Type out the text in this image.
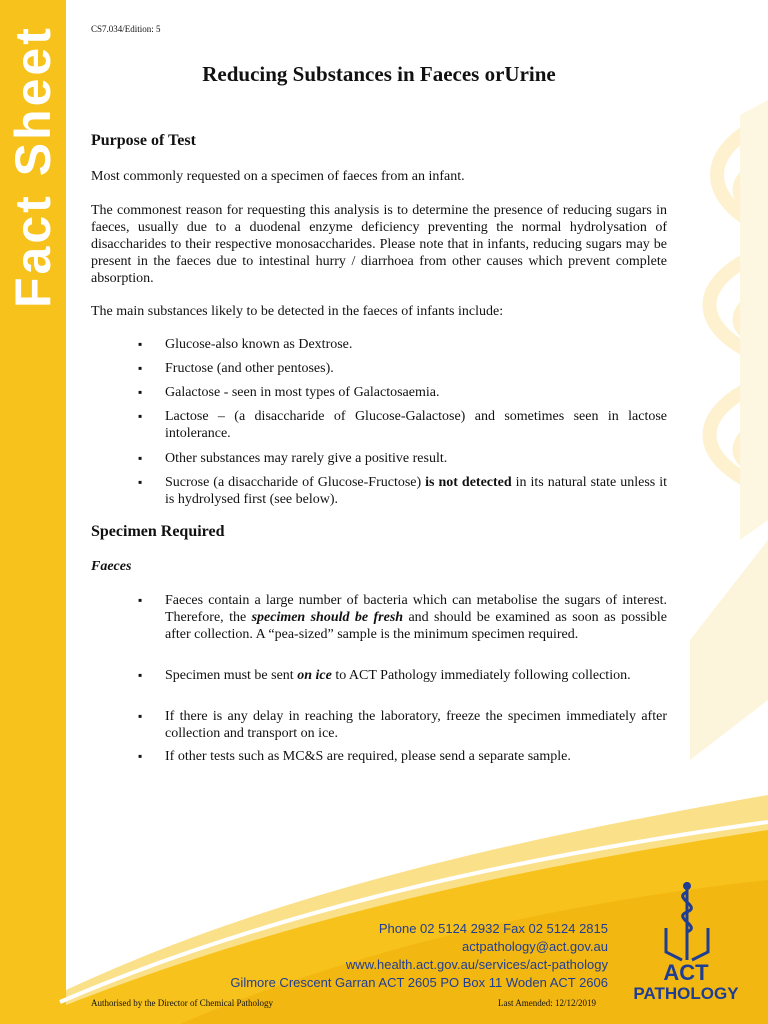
Fact Sheet	CS7.034/Edition: 5
Reducing Substances in Faeces orUrine
Purpose of Test
Most commonly requested on a specimen of faeces from an infant.
The commonest reason for requesting this analysis is to determine the presence of reducing sugars in faeces, usually due to a duodenal enzyme deficiency preventing the normal hydrolysation of disaccharides to their respective monosaccharides. Please note that in infants, reducing sugars may be present in the faeces due to intestinal hurry / diarrhoea from other causes which prevent complete absorption.
The main substances likely to be detected in the faeces of infants include:
▪ Glucose-also known as Dextrose.
▪ Fructose (and other pentoses).
▪ Galactose - seen in most types of Galactosaemia.
▪ Lactose – (a disaccharide of Glucose-Galactose) and sometimes seen in lactose intolerance.
▪ Other substances may rarely give a positive result.
▪ Sucrose (a disaccharide of Glucose-Fructose) is not detected in its natural state unless it is hydrolysed first (see below).
Specimen Required
Faeces
▪ Faeces contain a large number of bacteria which can metabolise the sugars of interest. Therefore, the specimen should be fresh and should be examined as soon as possible after collection. A “pea-sized” sample is the minimum specimen required.
▪ Specimen must be sent on ice to ACT Pathology immediately following collection.
▪ If there is any delay in reaching the laboratory, freeze the specimen immediately after collection and transport on ice.
▪ If other tests such as MC&S are required, please send a separate sample.
Phone 02 5124 2932 Fax 02 5124 2815
actpathology@act.gov.au
www.health.act.gov.au/services/act-pathology
Gilmore Crescent Garran ACT 2605 PO Box 11 Woden ACT 2606
Authorised by the Director of Chemical Pathology	Last Amended: 12/12/2019
ACT
PATHOLOGY
